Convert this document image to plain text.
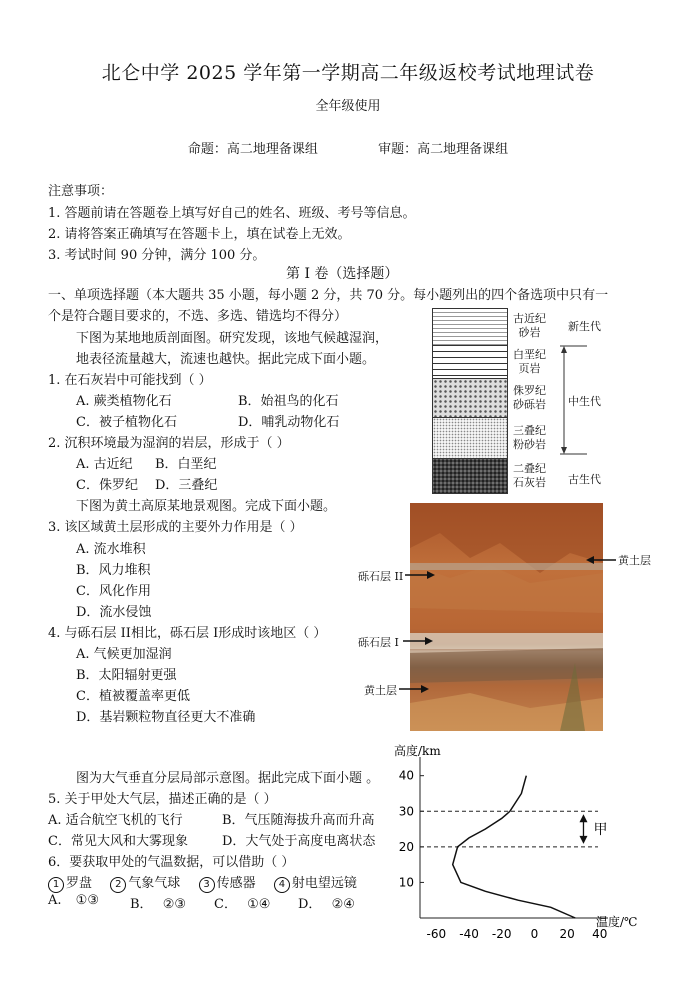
北仑中学 2025 学年第一学期高二年级返校考试地理试卷
全年级使用
命题：高二地理备课组	审题：高二地理备课组
注意事项：
1. 答题前请在答题卷上填写好自己的姓名、班级、考号等信息。
2. 请将答案正确填写在答题卡上，填在试卷上无效。
3. 考试时间 90 分钟，满分 100 分。
第 I 卷（选择题）
一、单项选择题（本大题共 35 小题，每小题 2 分，共 70 分。每小题列出的四个备选项中只有一
个是符合题目要求的，不选、多选、错选均不得分）
下图为某地地质剖面图。研究发现，该地气候越湿润，
地表径流量越大，流速也越快。据此完成下面小题。
1. 在石灰岩中可能找到（ ）
A. 蕨类植物化石	B．始祖鸟的化石
C．被子植物化石	D．哺乳动物化石
2. 沉积环境最为湿润的岩层，形成于（ ）
A. 古近纪 B．白垩纪
C．侏罗纪 D．三叠纪
古近纪
砂岩
白垩纪
页岩
侏罗纪
砂砾岩
三叠纪
粉砂岩
二叠纪
石灰岩
新生代
中生代
古生代
下图为黄土高原某地景观图。完成下面小题。
3. 该区域黄土层形成的主要外力作用是（ ）
A. 流水堆积
B．风力堆积
C．风化作用
D．流水侵蚀
4. 与砾石层 II相比，砾石层 I形成时该地区（ ）
A. 气候更加湿润
B．太阳辐射更强
C．植被覆盖率更低
D．基岩颗粒物直径更大不准确
砾石层 II
黄土层
砾石层 I
黄土层
图为大气垂直分层局部示意图。据此完成下面小题 。
5. 关于甲处大气层，描述正确的是（ ）
A. 适合航空飞机的飞行	B．气压随海拔升高而升高
C．常见大风和大雾现象	D．大气处于高度电离状态
6．要获取甲处的气温数据，可以借助（ ）
1 罗盘 2 气象气球 3 传感器 4 射电望远镜
A. ①③ B． ②③ C． ①④ D． ②④
高度/km
温度/℃
10
20
30
40
-60 -40 -20 0 20 40
甲
